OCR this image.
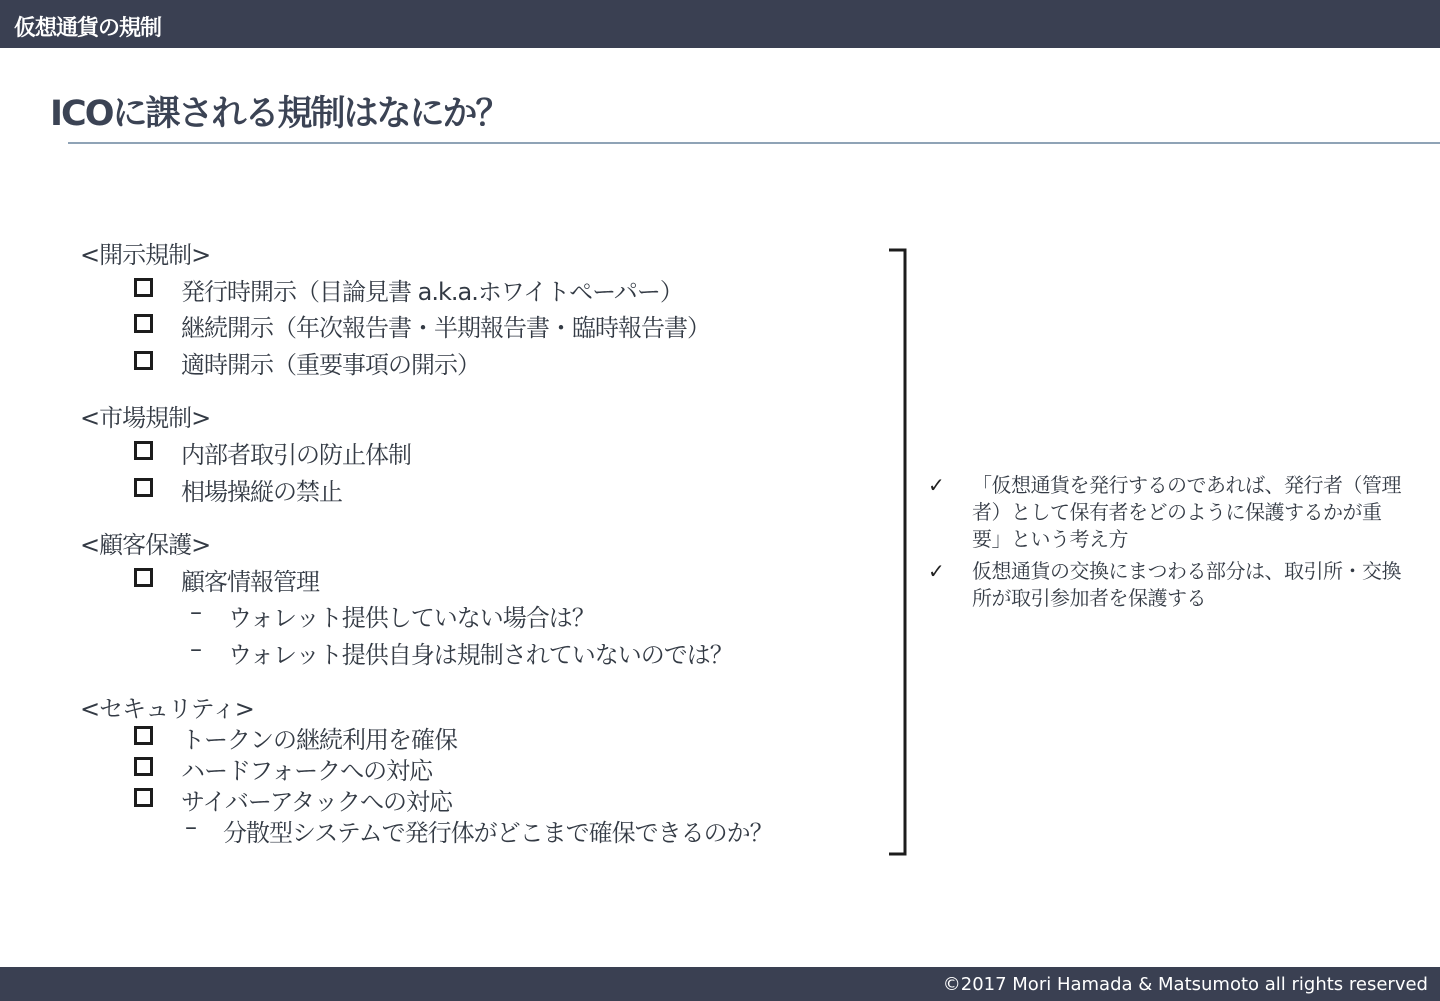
仮想通貨の規制
ICOに課される規制はなにか？
<開示規制>
発行時開示（目論見書 a.k.a.ホワイトペーパー）
継続開示（年次報告書・半期報告書・臨時報告書）
適時開示（重要事項の開示）
<市場規制>
内部者取引の防止体制
相場操縦の禁止
<顧客保護>
顧客情報管理
– ウォレット提供していない場合は？
– ウォレット提供自身は規制されていないのでは？
<セキュリティ>
トークンの継続利用を確保
ハードフォークへの対応
サイバーアタックへの対応
– 分散型システムで発行体がどこまで確保できるのか？
✓ 「仮想通貨を発行するのであれば、発行者（管理者）として保有者をどのように保護するかが重要」という考え方
✓ 仮想通貨の交換にまつわる部分は、取引所・交換所が取引参加者を保護する
©2017 Mori Hamada & Matsumoto all rights reserved
